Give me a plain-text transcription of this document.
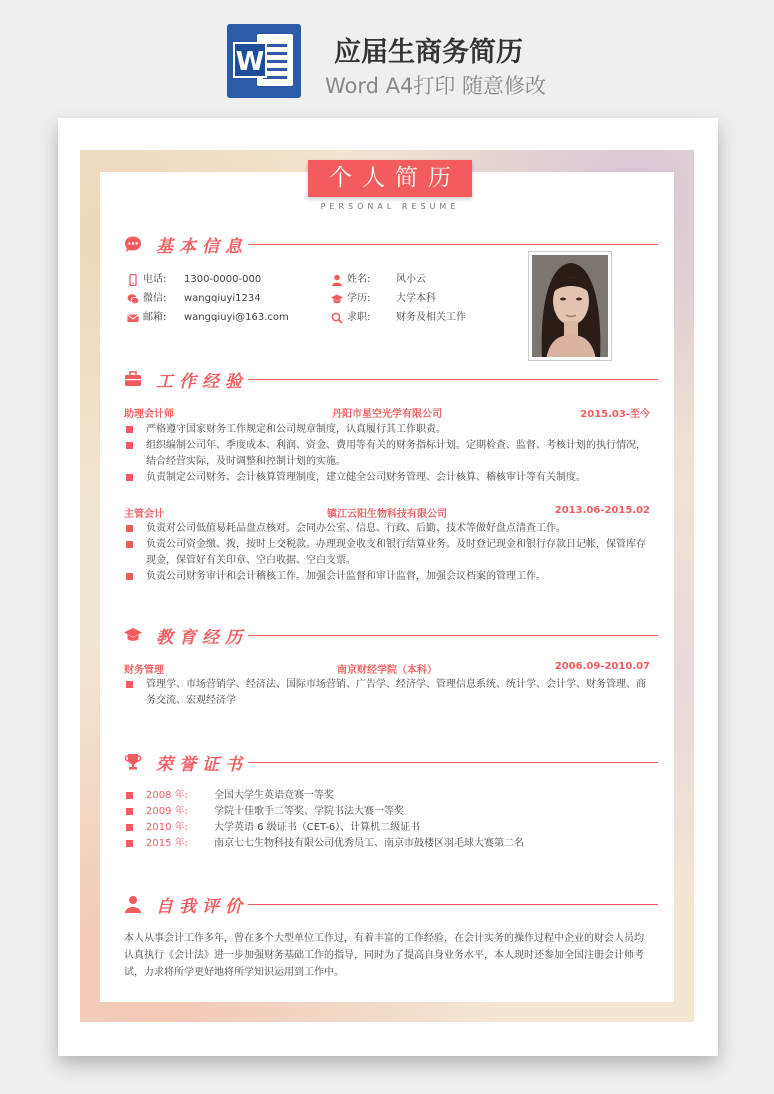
W	应届生商务简历
Word A4打印 随意修改
个人简历
PERSONAL RESUME
基本信息
电话: 1300-0000-000
微信: wangqiuyi1234
邮箱: wangqiuyi@163.com
姓名:	风小云
学历:	大学本科
求职:	财务及相关工作
工作经验
助理会计师	丹阳市星空光学有限公司	2015.03-至今
严格遵守国家财务工作规定和公司规章制度，认真履行其工作职责。
组织编制公司年、季度成本、利润、资金、费用等有关的财务指标计划。定期检查、监督、考核计划的执行情况，结合经营实际，及时调整和控制计划的实施。
负责制定公司财务、会计核算管理制度，建立健全公司财务管理、会计核算、稽核审计等有关制度。
主管会计	镇江云阳生物科技有限公司	2013.06-2015.02
负责对公司低值易耗品盘点核对。会同办公室、信息、行政、后勤、技术等做好盘点清查工作。
负责公司资金缴、拨，按时上交税款。办理现金收支和银行结算业务。及时登记现金和银行存款日记帐，保管库存现金，保管好有关印章、空白收据、空白支票。
负责公司财务审计和会计稽核工作。加强会计监督和审计监督，加强会议档案的管理工作。
教育经历
财务管理	南京财经学院（本科）	2006.09-2010.07
管理学、市场营销学、经济法、国际市场营销、广告学、经济学、管理信息系统、统计学、会计学、财务管理、商务交流、宏观经济学
荣誉证书
2008 年:	全国大学生英语竞赛一等奖
2009 年:	学院十佳歌手二等奖、学院书法大赛一等奖
2010 年:	大学英语 6 级证书（CET-6）、计算机二级证书
2015 年:	南京七七生物科技有限公司优秀员工、南京市鼓楼区羽毛球大赛第二名
自我评价
本人从事会计工作多年，曾在多个大型单位工作过，有着丰富的工作经验，在会计实务的操作过程中企业的财会人员均认真执行《会计法》进一步加强财务基础工作的指导，同时为了提高自身业务水平，本人现时还参加全国注册会计师考试，力求将所学更好地将所学知识运用到工作中。
